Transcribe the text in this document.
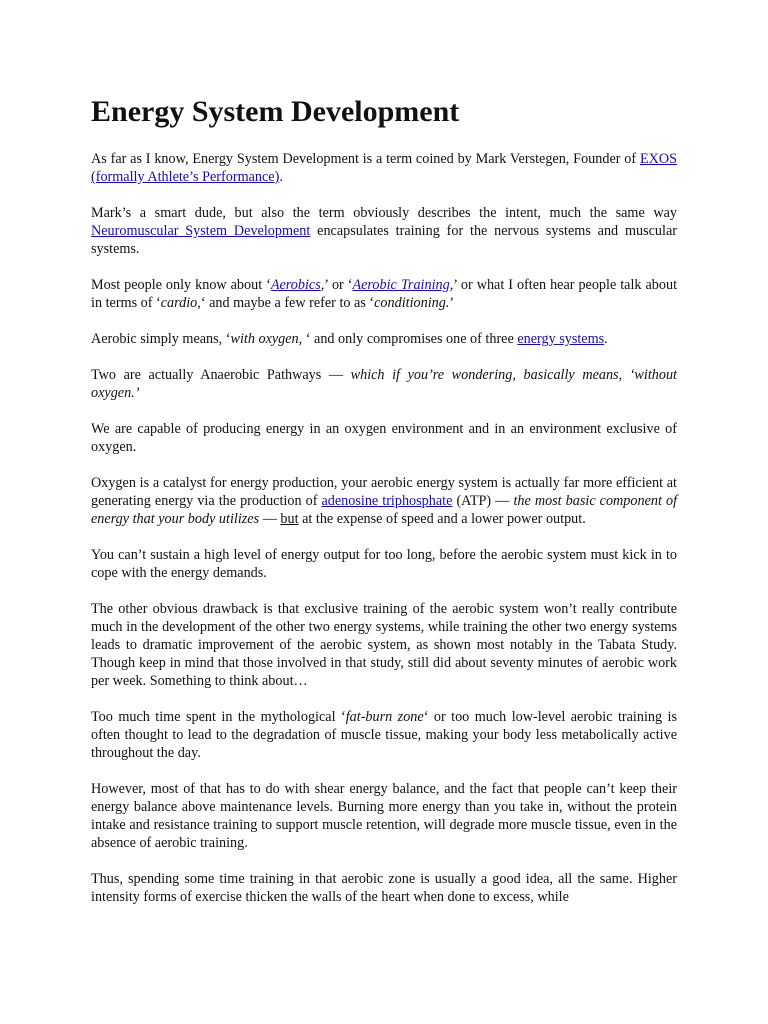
Energy System Development

As far as I know, Energy System Development is a term coined by Mark Verstegen, Founder of EXOS (formally Athlete’s Performance).

Mark’s a smart dude, but also the term obviously describes the intent, much the same way Neuromuscular System Development encapsulates training for the nervous systems and muscular systems.

Most people only know about ‘Aerobics,’ or ‘Aerobic Training,’ or what I often hear people talk about in terms of ‘cardio,‘ and maybe a few refer to as ‘conditioning.’

Aerobic simply means, ‘with oxygen, ‘ and only compromises one of three energy systems.

Two are actually Anaerobic Pathways — which if you’re wondering, basically means, ‘without oxygen.’

We are capable of producing energy in an oxygen environment and in an environment exclusive of oxygen.

Oxygen is a catalyst for energy production, your aerobic energy system is actually far more efficient at generating energy via the production of adenosine triphosphate (ATP) — the most basic component of energy that your body utilizes — but at the expense of speed and a lower power output.

You can’t sustain a high level of energy output for too long, before the aerobic system must kick in to cope with the energy demands.

The other obvious drawback is that exclusive training of the aerobic system won’t really contribute much in the development of the other two energy systems, while training the other two energy systems leads to dramatic improvement of the aerobic system, as shown most notably in the Tabata Study. Though keep in mind that those involved in that study, still did about seventy minutes of aerobic work per week. Something to think about…

Too much time spent in the mythological ‘fat-burn zone‘ or too much low-level aerobic training is often thought to lead to the degradation of muscle tissue, making your body less metabolically active throughout the day.

However, most of that has to do with shear energy balance, and the fact that people can’t keep their energy balance above maintenance levels. Burning more energy than you take in, without the protein intake and resistance training to support muscle retention, will degrade more muscle tissue, even in the absence of aerobic training.

Thus, spending some time training in that aerobic zone is usually a good idea, all the same. Higher intensity forms of exercise thicken the walls of the heart when done to excess, while
